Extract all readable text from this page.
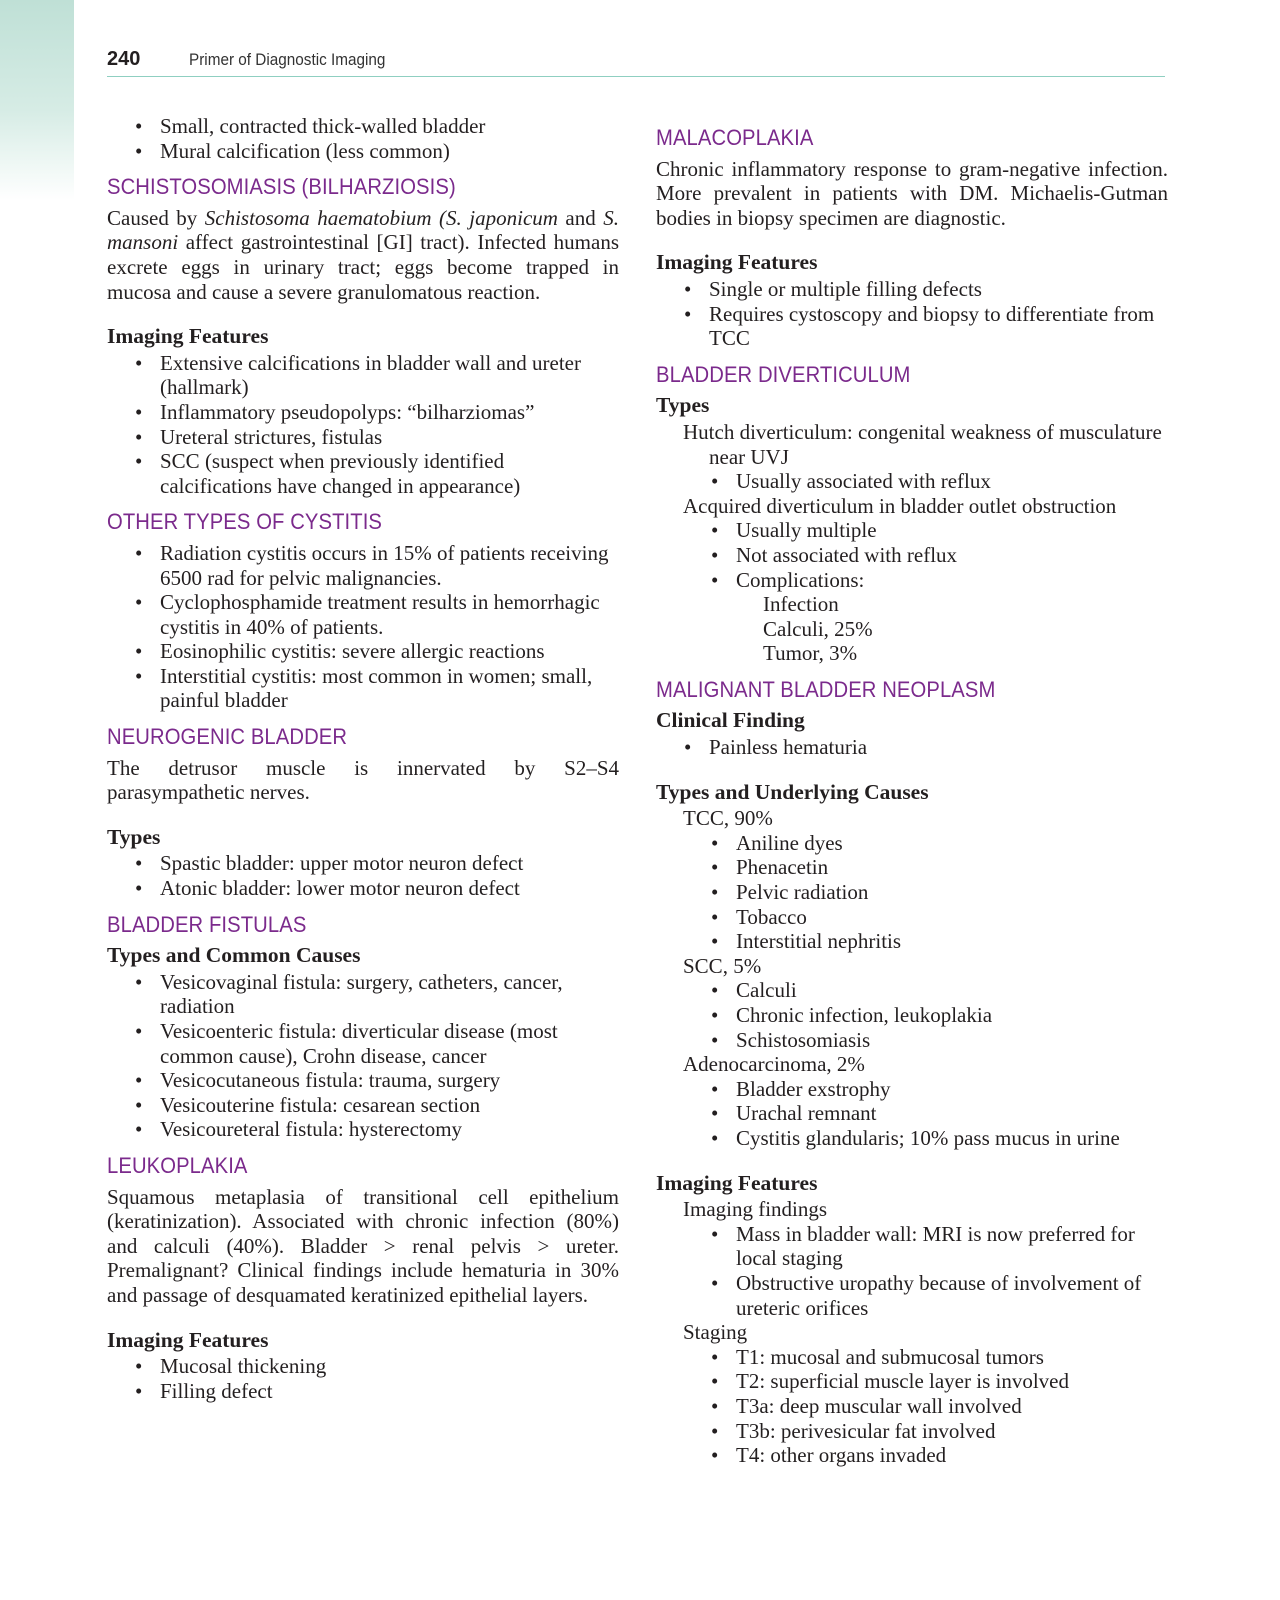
240	Primer of Diagnostic Imaging
• Small, contracted thick-walled bladder
• Mural calcification (less common)
SCHISTOSOMIASIS (BILHARZIOSIS)

Caused by Schistosoma haematobium (S. japonicum and S. mansoni affect gastrointestinal [GI] tract). Infected humans excrete eggs in urinary tract; eggs become trapped in mucosa and cause a severe granulomatous reaction.

Imaging Features
• Extensive calcifications in bladder wall and ureter (hallmark)
• Inflammatory pseudopolyps: “bilharziomas”
• Ureteral strictures, fistulas
• SCC (suspect when previously identified calcifications have changed in appearance)
OTHER TYPES OF CYSTITIS
• Radiation cystitis occurs in 15% of patients receiving 6500 rad for pelvic malignancies.
• Cyclophosphamide treatment results in hemorrhagic cystitis in 40% of patients.
• Eosinophilic cystitis: severe allergic reactions
• Interstitial cystitis: most common in women; small, painful bladder
NEUROGENIC BLADDER

The detrusor muscle is innervated by S2–S4 parasympathetic nerves.

Types
• Spastic bladder: upper motor neuron defect
• Atonic bladder: lower motor neuron defect
BLADDER FISTULAS
Types and Common Causes
• Vesicovaginal fistula: surgery, catheters, cancer, radiation
• Vesicoenteric fistula: diverticular disease (most common cause), Crohn disease, cancer
• Vesicocutaneous fistula: trauma, surgery
• Vesicouterine fistula: cesarean section
• Vesicoureteral fistula: hysterectomy
LEUKOPLAKIA

Squamous metaplasia of transitional cell epithelium (keratinization). Associated with chronic infection (80%) and calculi (40%). Bladder > renal pelvis > ureter. Premalignant? Clinical findings include hematuria in 30% and passage of desquamated keratinized epithelial layers.

Imaging Features
• Mucosal thickening
• Filling defect
MALACOPLAKIA

Chronic inflammatory response to gram-negative infection. More prevalent in patients with DM. Michaelis-Gutman bodies in biopsy specimen are diagnostic.

Imaging Features
• Single or multiple filling defects
• Requires cystoscopy and biopsy to differentiate from TCC
BLADDER DIVERTICULUM
Types
Hutch diverticulum: congenital weakness of musculature near UVJ
• Usually associated with reflux
Acquired diverticulum in bladder outlet obstruction
• Usually multiple
• Not associated with reflux
• Complications:
Infection
Calculi, 25%
Tumor, 3%
MALIGNANT BLADDER NEOPLASM
Clinical Finding
• Painless hematuria
Types and Underlying Causes
TCC, 90%
• Aniline dyes
• Phenacetin
• Pelvic radiation
• Tobacco
• Interstitial nephritis
SCC, 5%
• Calculi
• Chronic infection, leukoplakia
• Schistosomiasis
Adenocarcinoma, 2%
• Bladder exstrophy
• Urachal remnant
• Cystitis glandularis; 10% pass mucus in urine
Imaging Features
Imaging findings
• Mass in bladder wall: MRI is now preferred for local staging
• Obstructive uropathy because of involvement of ureteric orifices
Staging
• T1: mucosal and submucosal tumors
• T2: superficial muscle layer is involved
• T3a: deep muscular wall involved
• T3b: perivesicular fat involved
• T4: other organs invaded
